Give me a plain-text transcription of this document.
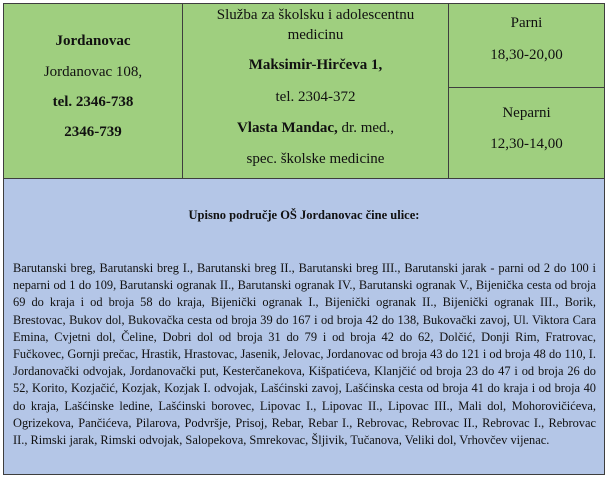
Jordanovac
Jordanovac 108,
tel. 2346-738
2346-739
Služba za školsku i adolescentnu
medicinu
Maksimir-Hirčeva 1,
tel. 2304-372
Vlasta Mandac, dr. med.,
spec. školske medicine
Parni
18,30-20,00
Neparni
12,30-14,00
Upisno područje OŠ Jordanovac čine ulice:
Barutanski breg, Barutanski breg I., Barutanski breg II., Barutanski breg III., Barutanski jarak - parni od 2 do 100 i neparni od 1 do 109, Barutanski ogranak II., Barutanski ogranak IV., Barutanski ogranak V., Bijenička cesta od broja 69 do kraja i od broja 58 do kraja, Bijenički ogranak I., Bijenički ogranak II., Bijenički ogranak III., Borik, Brestovac, Bukov dol, Bukovačka cesta od broja 39 do 167 i od broja 42 do 138, Bukovački zavoj, Ul. Viktora Cara Emina, Cvjetni dol, Čeline, Dobri dol od broja 31 do 79 i od broja 42 do 62, Dolčić, Donji Rim, Fratrovac, Fučkovec, Gornji prečac, Hrastik, Hrastovac, Jasenik, Jelovac, Jordanovac od broja 43 do 121 i od broja 48 do 110, I. Jordanovački odvojak, Jordanovački put, Kesterčanekova, Kišpatićeva, Klanjčić od broja 23 do 47 i od broja 26 do 52, Korito, Kozjačić, Kozjak, Kozjak I. odvojak, Lašćinski zavoj, Lašćinska cesta od broja 41 do kraja i od broja 40 do kraja, Lašćinske ledine, Lašćinski borovec, Lipovac I., Lipovac II., Lipovac III., Mali dol, Mohorovičićeva, Ogrizekova, Pančićeva, Pilarova, Podvršje, Prisoj, Rebar, Rebar I., Rebrovac, Rebrovac II., Rebrovac I., Rebrovac II., Rimski jarak, Rimski odvojak, Salopekova, Smrekovac, Šljivik, Tučanova, Veliki dol, Vrhovčev vijenac.
